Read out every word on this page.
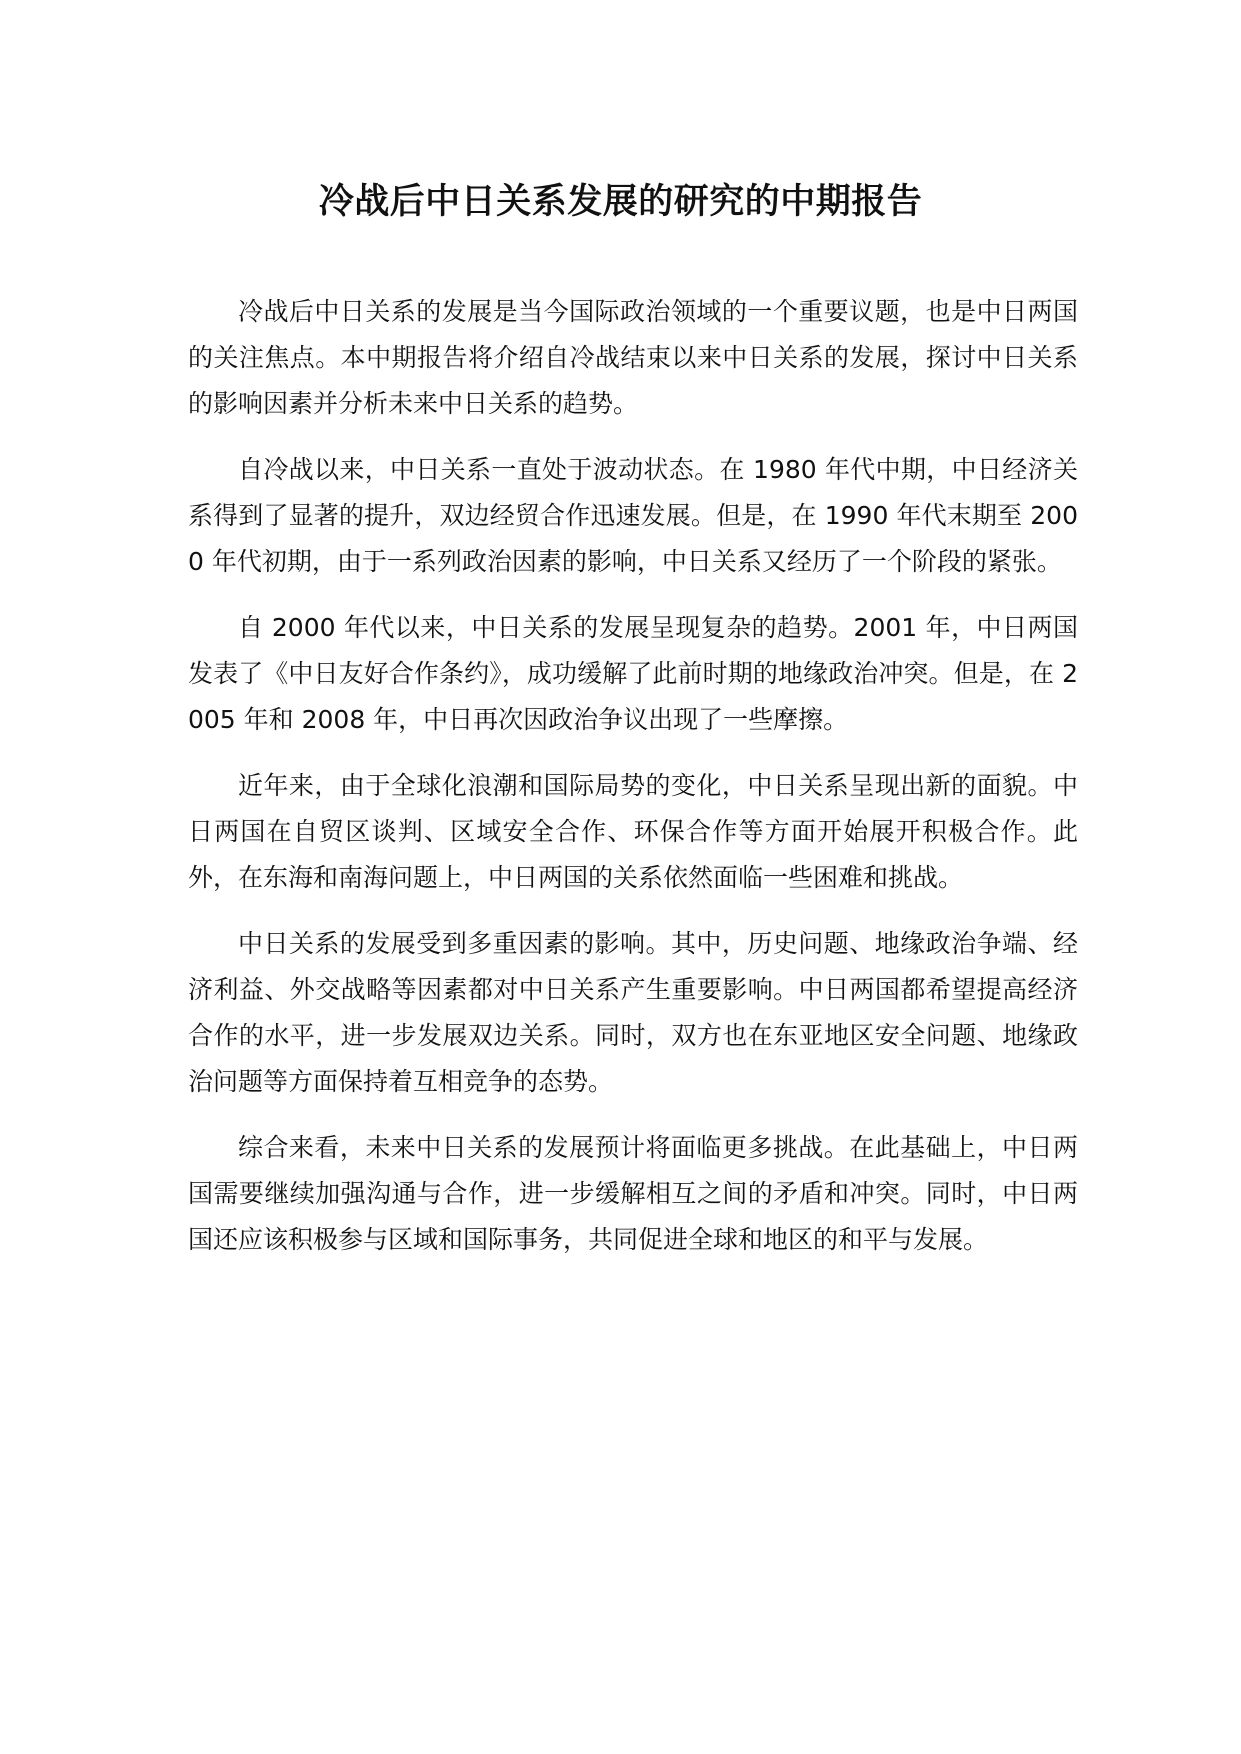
冷战后中日关系发展的研究的中期报告

冷战后中日关系的发展是当今国际政治领域的一个重要议题，也是中日两国的关注焦点。本中期报告将介绍自冷战结束以来中日关系的发展，探讨中日关系的影响因素并分析未来中日关系的趋势。

自冷战以来，中日关系一直处于波动状态。在 1980 年代中期，中日经济关系得到了显著的提升，双边经贸合作迅速发展。但是，在 1990 年代末期至 2000 年代初期，由于一系列政治因素的影响，中日关系又经历了一个阶段的紧张。

自 2000 年代以来，中日关系的发展呈现复杂的趋势。2001 年，中日两国发表了《中日友好合作条约》，成功缓解了此前时期的地缘政治冲突。但是，在 2005 年和 2008 年，中日再次因政治争议出现了一些摩擦。

近年来，由于全球化浪潮和国际局势的变化，中日关系呈现出新的面貌。中日两国在自贸区谈判、区域安全合作、环保合作等方面开始展开积极合作。此外，在东海和南海问题上，中日两国的关系依然面临一些困难和挑战。

中日关系的发展受到多重因素的影响。其中，历史问题、地缘政治争端、经济利益、外交战略等因素都对中日关系产生重要影响。中日两国都希望提高经济合作的水平，进一步发展双边关系。同时，双方也在东亚地区安全问题、地缘政治问题等方面保持着互相竞争的态势。

综合来看，未来中日关系的发展预计将面临更多挑战。在此基础上，中日两国需要继续加强沟通与合作，进一步缓解相互之间的矛盾和冲突。同时，中日两国还应该积极参与区域和国际事务，共同促进全球和地区的和平与发展。
